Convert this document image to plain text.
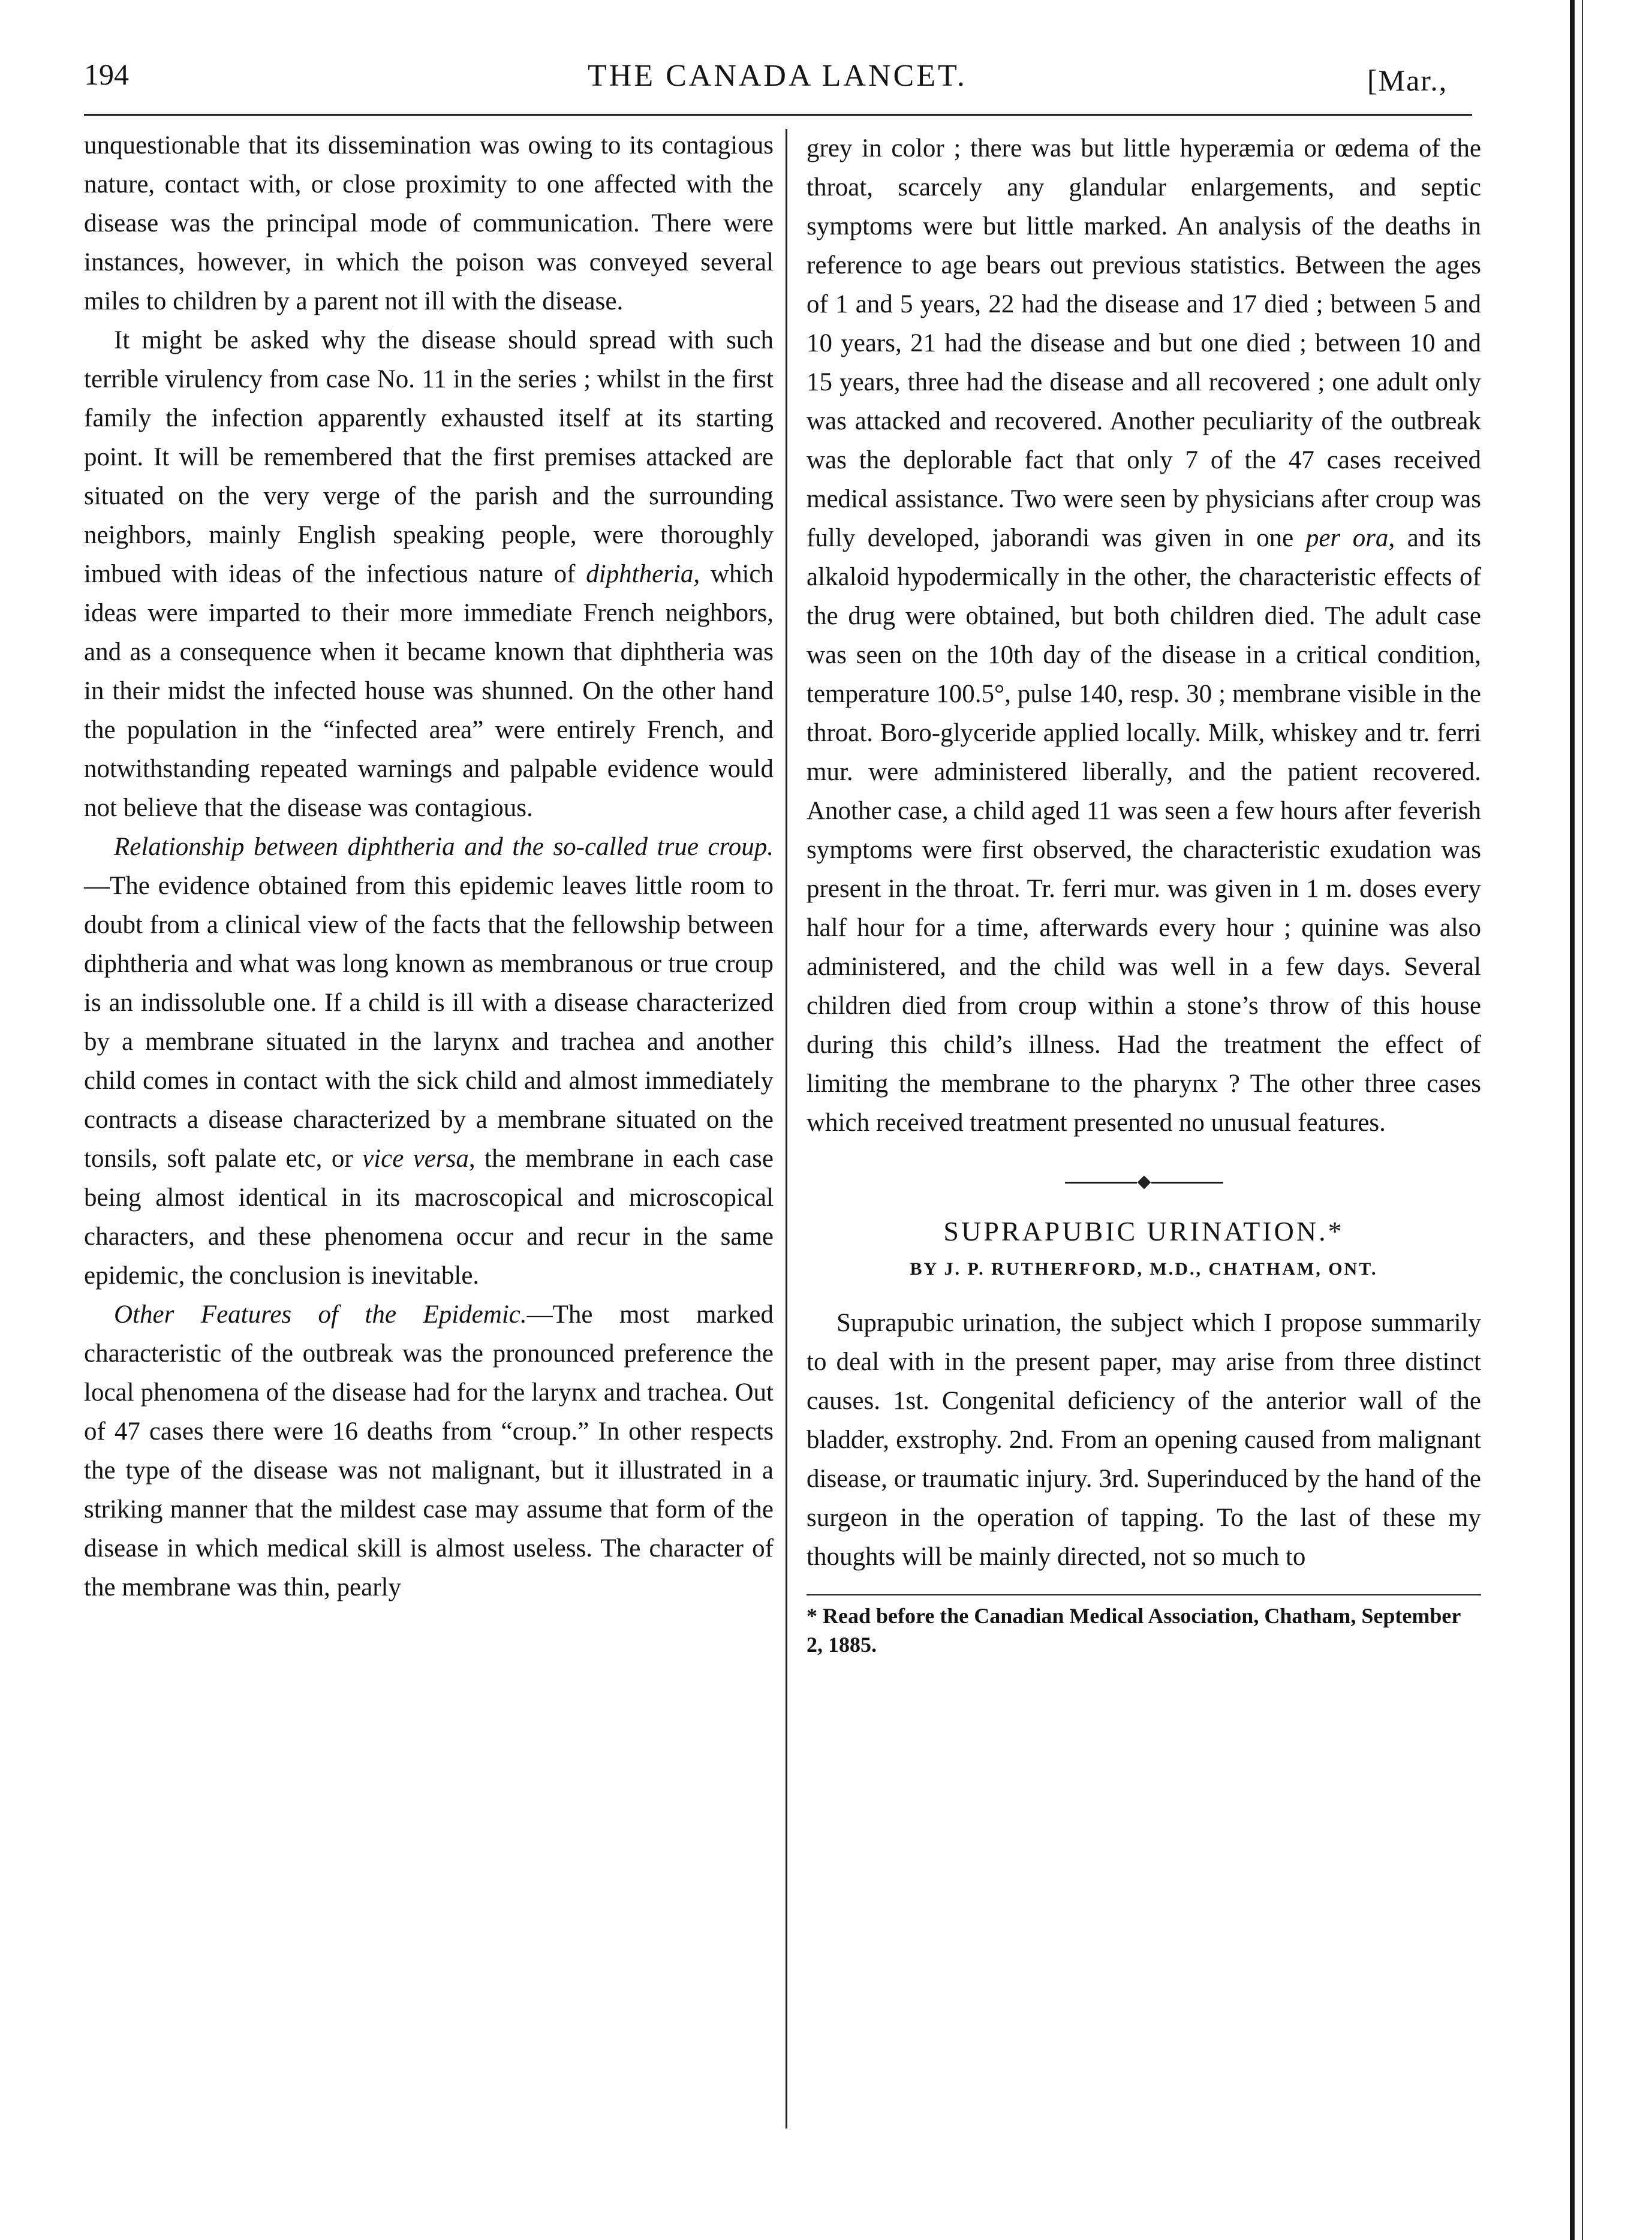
194	THE CANADA LANCET.	[Mar.,

unquestionable that its dissemination was owing to its contagious nature, contact with, or close proximity to one affected with the disease was the principal mode of communication. There were instances, however, in which the poison was conveyed several miles to children by a parent not ill with the disease.

It might be asked why the disease should spread with such terrible virulency from case No. 11 in the series ; whilst in the first family the infection apparently exhausted itself at its starting point. It will be remembered that the first premises attacked are situated on the very verge of the parish and the surrounding neighbors, mainly English speaking people, were thoroughly imbued with ideas of the infectious nature of diphtheria, which ideas were imparted to their more immediate French neighbors, and as a consequence when it became known that diphtheria was in their midst the infected house was shunned. On the other hand the population in the “infected area” were entirely French, and notwithstanding repeated warnings and palpable evidence would not believe that the disease was contagious.

Relationship between diphtheria and the so-called true croup.—The evidence obtained from this epidemic leaves little room to doubt from a clinical view of the facts that the fellowship between diphtheria and what was long known as membranous or true croup is an indissoluble one. If a child is ill with a disease characterized by a membrane situated in the larynx and trachea and another child comes in contact with the sick child and almost immediately contracts a disease characterized by a membrane situated on the tonsils, soft palate etc, or vice versa, the membrane in each case being almost identical in its macroscopical and microscopical characters, and these phenomena occur and recur in the same epidemic, the conclusion is inevitable.

Other Features of the Epidemic.—The most marked characteristic of the outbreak was the pronounced preference the local phenomena of the disease had for the larynx and trachea. Out of 47 cases there were 16 deaths from “croup.” In other respects the type of the disease was not malignant, but it illustrated in a striking manner that the mildest case may assume that form of the disease in which medical skill is almost useless. The character of the membrane was thin, pearly

grey in color ; there was but little hyperæmia or œdema of the throat, scarcely any glandular enlargements, and septic symptoms were but little marked. An analysis of the deaths in reference to age bears out previous statistics. Between the ages of 1 and 5 years, 22 had the disease and 17 died ; between 5 and 10 years, 21 had the disease and but one died ; between 10 and 15 years, three had the disease and all recovered ; one adult only was attacked and recovered. Another peculiarity of the outbreak was the deplorable fact that only 7 of the 47 cases received medical assistance. Two were seen by physicians after croup was fully developed, jaborandi was given in one per ora, and its alkaloid hypodermically in the other, the characteristic effects of the drug were obtained, but both children died. The adult case was seen on the 10th day of the disease in a critical condition, temperature 100.5°, pulse 140, resp. 30 ; membrane visible in the throat. Boro-glyceride applied locally. Milk, whiskey and tr. ferri mur. were administered liberally, and the patient recovered. Another case, a child aged 11 was seen a few hours after feverish symptoms were first observed, the characteristic exudation was present in the throat. Tr. ferri mur. was given in 1 m. doses every half hour for a time, afterwards every hour ; quinine was also administered, and the child was well in a few days. Several children died from croup within a stone’s throw of this house during this child’s illness. Had the treatment the effect of limiting the membrane to the pharynx ? The other three cases which received treatment presented no unusual features.

SUPRAPUBIC URINATION.*
BY J. P. RUTHERFORD, M.D., CHATHAM, ONT.

Suprapubic urination, the subject which I propose summarily to deal with in the present paper, may arise from three distinct causes. 1st. Congenital deficiency of the anterior wall of the bladder, exstrophy. 2nd. From an opening caused from malignant disease, or traumatic injury. 3rd. Superinduced by the hand of the surgeon in the operation of tapping. To the last of these my thoughts will be mainly directed, not so much to

* Read before the Canadian Medical Association, Chatham, September 2, 1885.
